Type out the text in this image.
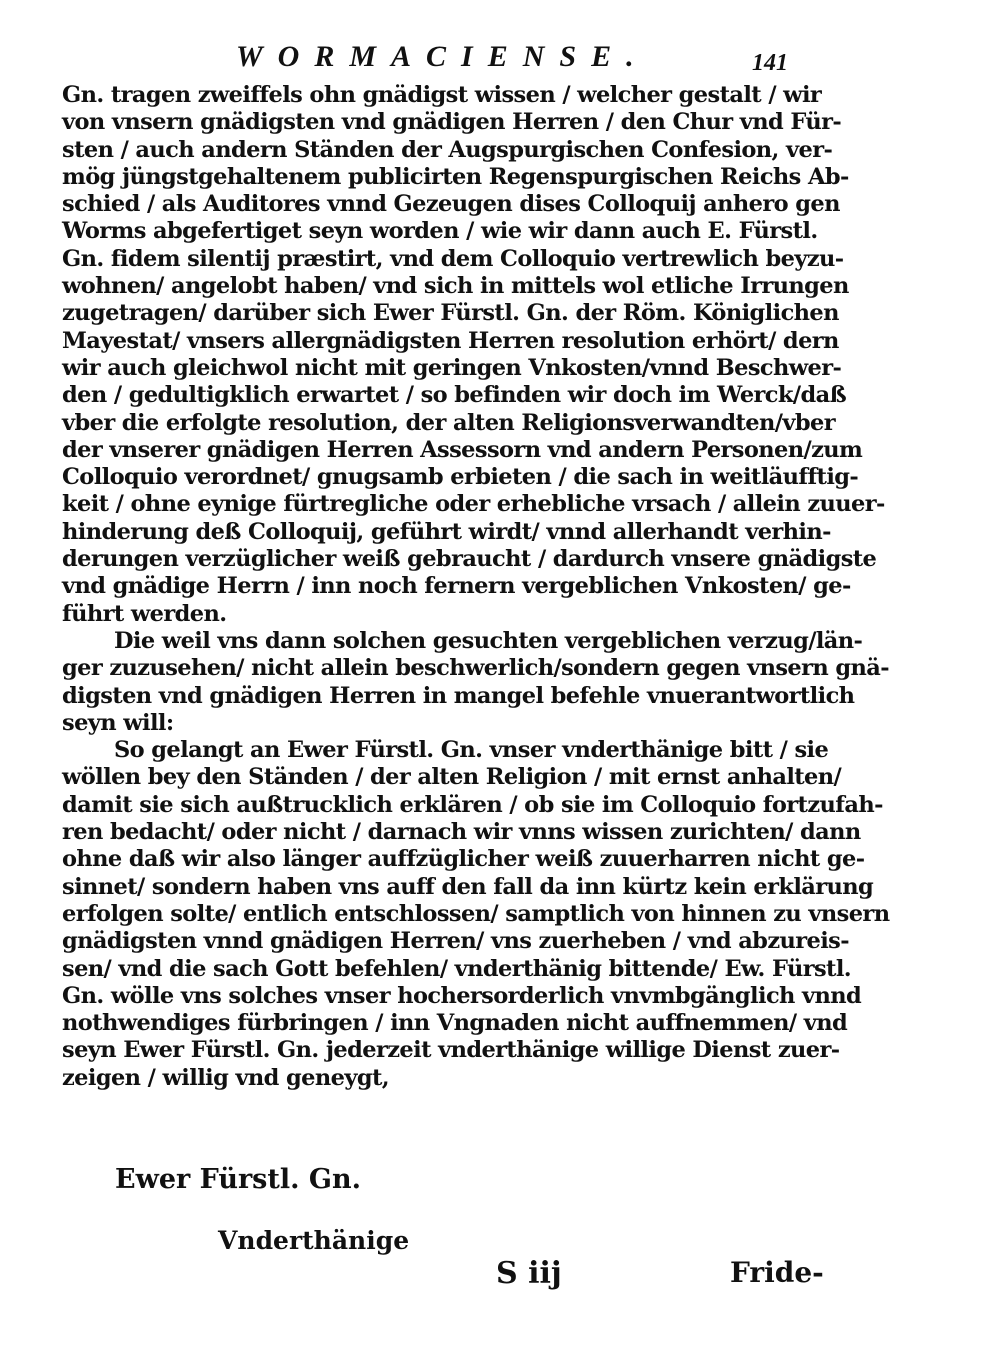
WORMACIENSE.	141
Gn. tragen zweiffels ohn gnädigst wissen / welcher gestalt / wir
von vnsern gnädigsten vnd gnädigen Herren / den Chur vnd Für-
sten / auch andern Ständen der Augspurgischen Confesion, ver-
mög jüngstgehaltenem publicirten Regenspurgischen Reichs Ab-
schied / als Auditores vnnd Gezeugen dises Colloquij anhero gen
Worms abgefertiget seyn worden / wie wir dann auch E. Fürstl.
Gn. fidem silentij præstirt, vnd dem Colloquio vertrewlich beyzu-
wohnen/ angelobt haben/ vnd sich in mittels wol etliche Irrungen
zugetragen/ darüber sich Ewer Fürstl. Gn. der Röm. Königlichen
Mayestat/ vnsers allergnädigsten Herren resolution erhört/ dern
wir auch gleichwol nicht mit geringen Vnkosten/vnnd Beschwer-
den / gedultigklich erwartet / so befinden wir doch im Werck/daß
vber die erfolgte resolution, der alten Religionsverwandten/vber
der vnserer gnädigen Herren Assessorn vnd andern Personen/zum
Colloquio verordnet/ gnugsamb erbieten / die sach in weitläufftig-
keit / ohne eynige fürtregliche oder erhebliche vrsach / allein zuuer-
hinderung deß Colloquij, geführt wirdt/ vnnd allerhandt verhin-
derungen verzüglicher weiß gebraucht / dardurch vnsere gnädigste
vnd gnädige Herrn / inn noch fernern vergeblichen Vnkosten/ ge-
führt werden.
Die weil vns dann solchen gesuchten vergeblichen verzug/län-
ger zuzusehen/ nicht allein beschwerlich/sondern gegen vnsern gnä-
digsten vnd gnädigen Herren in mangel befehle vnuerantwortlich
seyn will:
So gelangt an Ewer Fürstl. Gn. vnser vnderthänige bitt / sie
wöllen bey den Ständen / der alten Religion / mit ernst anhalten/
damit sie sich außtrucklich erklären / ob sie im Colloquio fortzufah-
ren bedacht/ oder nicht / darnach wir vnns wissen zurichten/ dann
ohne daß wir also länger auffzüglicher weiß zuuerharren nicht ge-
sinnet/ sondern haben vns auff den fall da inn kürtz kein erklärung
erfolgen solte/ entlich entschlossen/ samptlich von hinnen zu vnsern
gnädigsten vnnd gnädigen Herren/ vns zuerheben / vnd abzureis-
sen/ vnd die sach Gott befehlen/ vnderthänig bittende/ Ew. Fürstl.
Gn. wölle vns solches vnser hochersorderlich vnvmbgänglich vnnd
nothwendiges fürbringen / inn Vngnaden nicht auffnemmen/ vnd
seyn Ewer Fürstl. Gn. jederzeit vnderthänige willige Dienst zuer-
zeigen / willig vnd geneygt,
Ewer Fürstl. Gn.
Vnderthänige
S iij	Fride-
